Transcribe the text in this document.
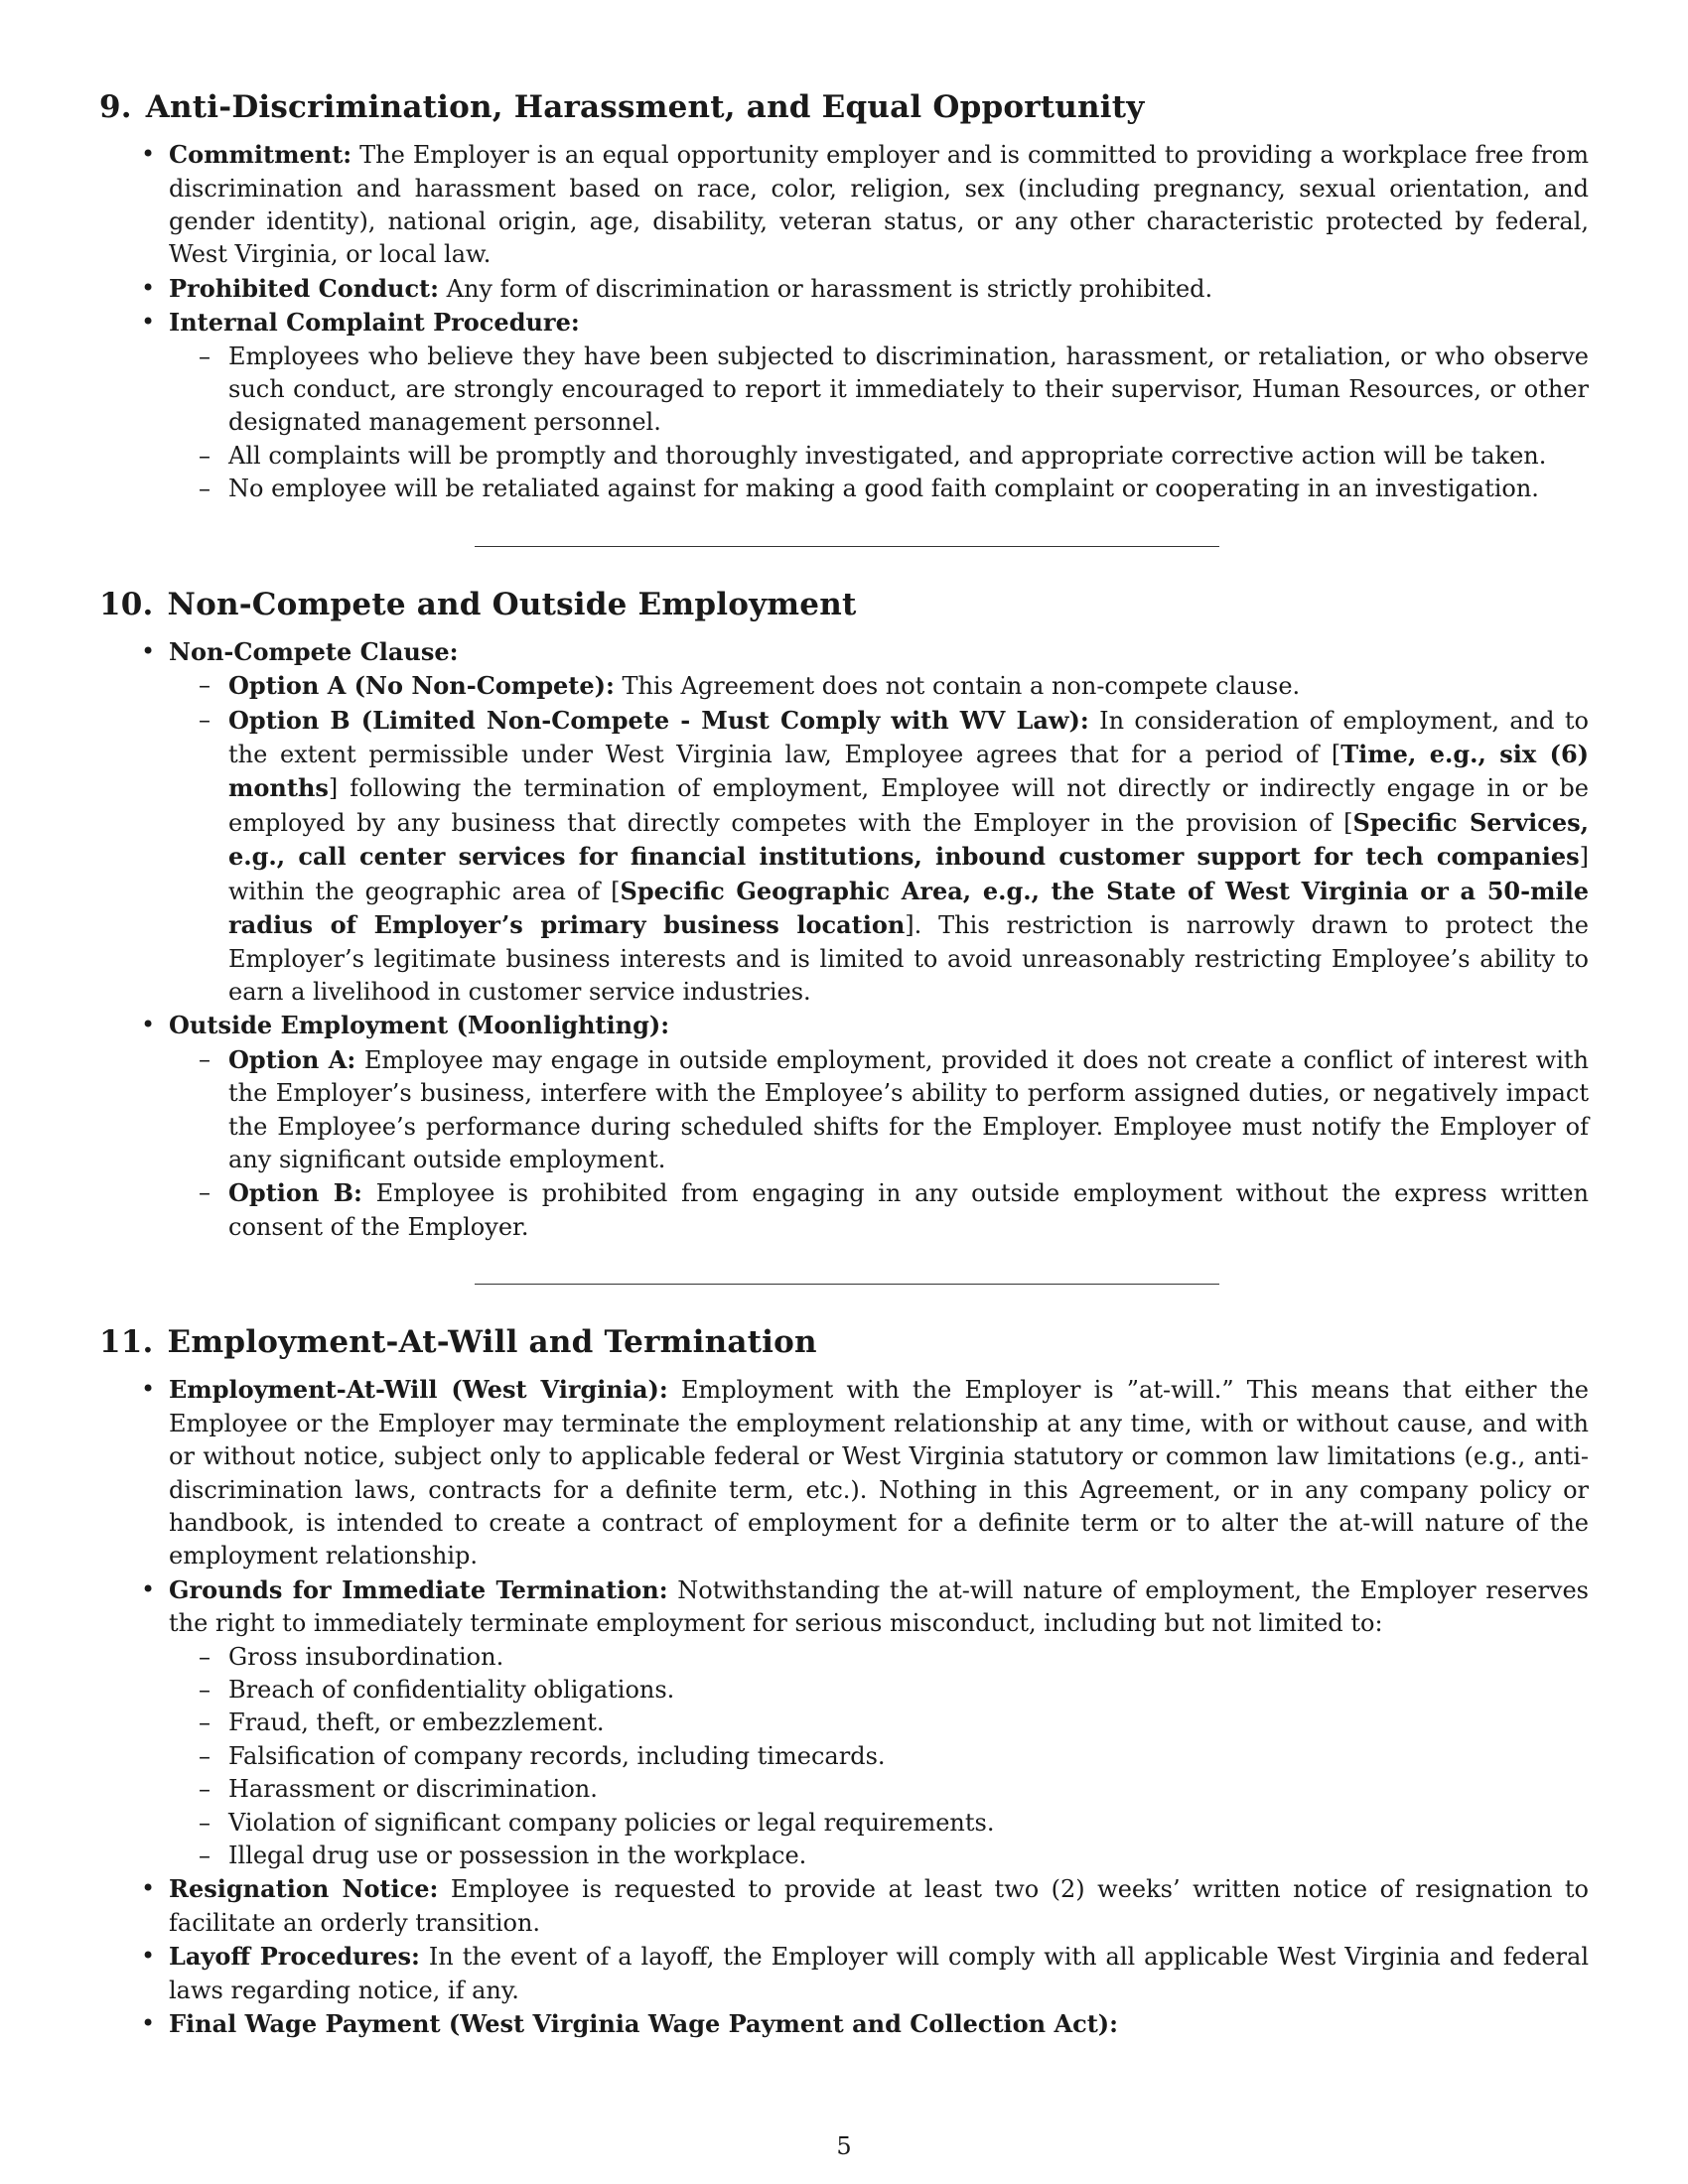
9. Anti-Discrimination, Harassment, and Equal Opportunity
• Commitment: The Employer is an equal opportunity employer and is committed to providing a workplace free from discrimination and harassment based on race, color, religion, sex (including pregnancy, sexual orientation, and gender identity), national origin, age, disability, veteran status, or any other characteristic protected by federal, West Virginia, or local law.
• Prohibited Conduct: Any form of discrimination or harassment is strictly prohibited.
• Internal Complaint Procedure:
– Employees who believe they have been subjected to discrimination, harassment, or retaliation, or who observe such conduct, are strongly encouraged to report it immediately to their supervisor, Human Resources, or other designated management personnel.
– All complaints will be promptly and thoroughly investigated, and appropriate corrective action will be taken.
– No employee will be retaliated against for making a good faith complaint or cooperating in an investigation.
10. Non-Compete and Outside Employment
• Non-Compete Clause:
– Option A (No Non-Compete): This Agreement does not contain a non-compete clause.
– Option B (Limited Non-Compete - Must Comply with WV Law): In consideration of employment, and to the extent permissible under West Virginia law, Employee agrees that for a period of [Time, e.g., six (6) months] following the termination of employment, Employee will not directly or indirectly engage in or be employed by any business that directly competes with the Employer in the provision of [Specific Services, e.g., call center services for financial institutions, inbound customer support for tech companies] within the geographic area of [Specific Geographic Area, e.g., the State of West Virginia or a 50-mile radius of Employer’s primary business location]. This restriction is narrowly drawn to protect the Employer’s legitimate business interests and is limited to avoid unreasonably restricting Employee’s ability to earn a livelihood in customer service industries.
• Outside Employment (Moonlighting):
– Option A: Employee may engage in outside employment, provided it does not create a conflict of interest with the Employer’s business, interfere with the Employee’s ability to perform assigned duties, or negatively impact the Employee’s performance during scheduled shifts for the Employer. Employee must notify the Employer of any significant outside employment.
– Option B: Employee is prohibited from engaging in any outside employment without the express written consent of the Employer.
11. Employment-At-Will and Termination
• Employment-At-Will (West Virginia): Employment with the Employer is ”at-will.” This means that either the Employee or the Employer may terminate the employment relationship at any time, with or without cause, and with or without notice, subject only to applicable federal or West Virginia statutory or common law limitations (e.g., anti-discrimination laws, contracts for a definite term, etc.). Nothing in this Agreement, or in any company policy or handbook, is intended to create a contract of employment for a definite term or to alter the at-will nature of the employment relationship.
• Grounds for Immediate Termination: Notwithstanding the at-will nature of employment, the Employer reserves the right to immediately terminate employment for serious misconduct, including but not limited to:
– Gross insubordination.
– Breach of confidentiality obligations.
– Fraud, theft, or embezzlement.
– Falsification of company records, including timecards.
– Harassment or discrimination.
– Violation of significant company policies or legal requirements.
– Illegal drug use or possession in the workplace.
• Resignation Notice: Employee is requested to provide at least two (2) weeks’ written notice of resignation to facilitate an orderly transition.
• Layoff Procedures: In the event of a layoff, the Employer will comply with all applicable West Virginia and federal laws regarding notice, if any.
• Final Wage Payment (West Virginia Wage Payment and Collection Act):
5
